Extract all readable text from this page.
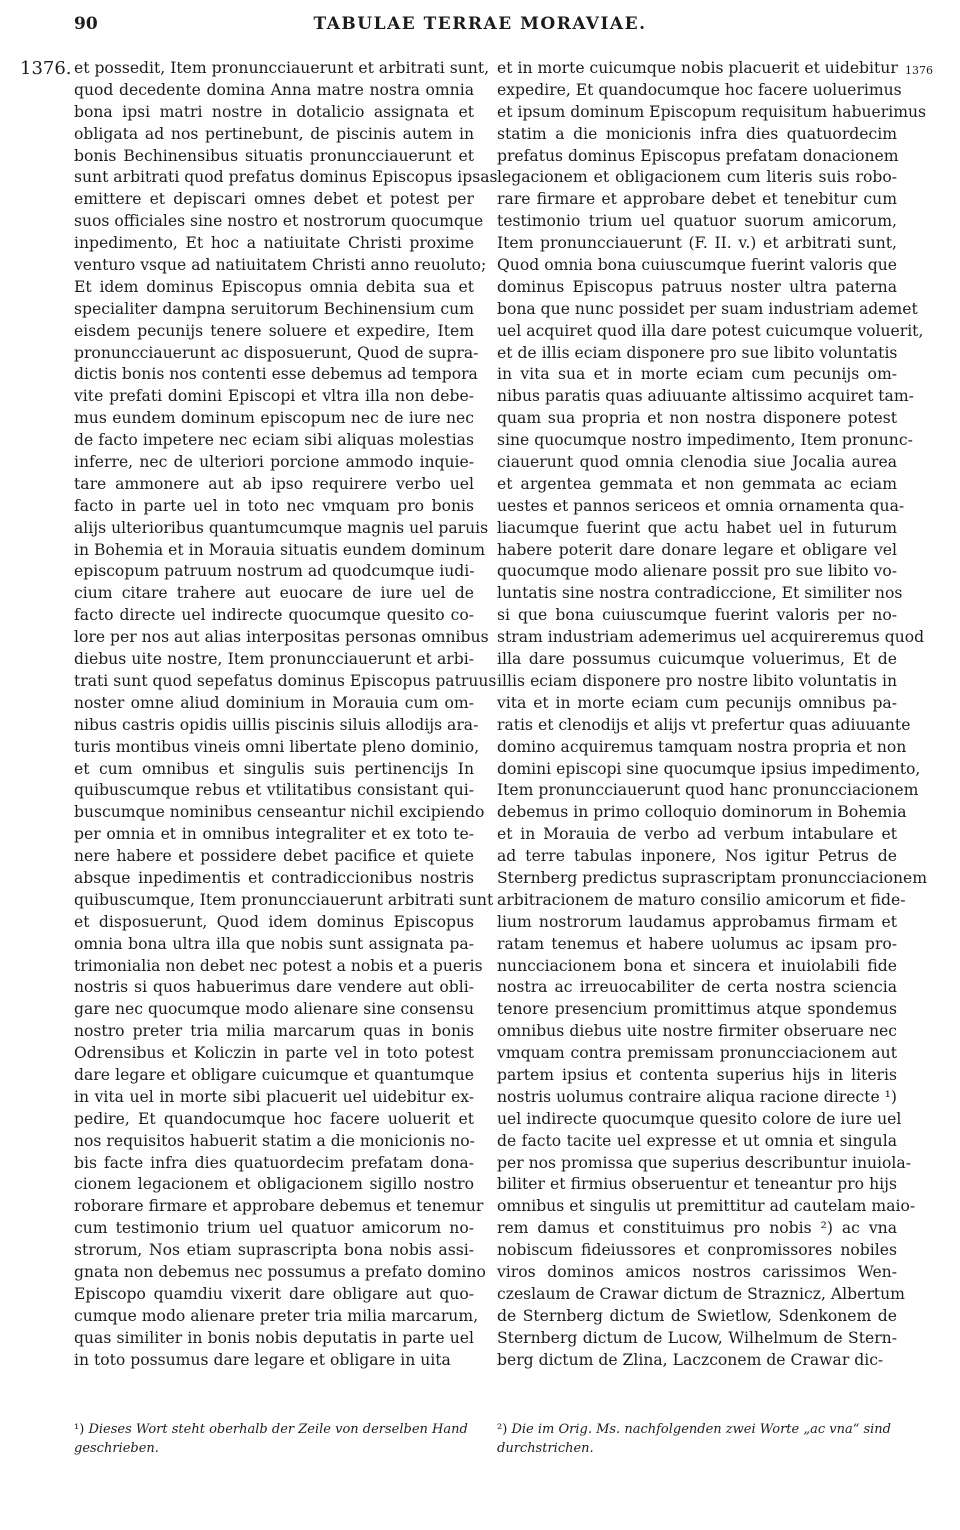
90	TABULAE TERRAE MORAVIAE.
1376.	1376
et possedit, Item pronuncciauerunt et arbitrati sunt,
quod decedente domina Anna matre nostra omnia
bona ipsi matri nostre in dotalicio assignata et
obligata ad nos pertinebunt, de piscinis autem in
bonis Bechinensibus situatis pronuncciauerunt et
sunt arbitrati quod prefatus dominus Episcopus ipsas
emittere et depiscari omnes debet et potest per
suos officiales sine nostro et nostrorum quocumque
inpedimento, Et hoc a natiuitate Christi proxime
venturo vsque ad natiuitatem Christi anno reuoluto;
Et idem dominus Episcopus omnia debita sua et
specialiter dampna seruitorum Bechinensium cum
eisdem pecunijs tenere soluere et expedire, Item
pronuncciauerunt ac disposuerunt, Quod de supra-
dictis bonis nos contenti esse debemus ad tempora
vite prefati domini Episcopi et vltra illa non debe-
mus eundem dominum episcopum nec de iure nec
de facto impetere nec eciam sibi aliquas molestias
inferre, nec de ulteriori porcione ammodo inquie-
tare ammonere aut ab ipso requirere verbo uel
facto in parte uel in toto nec vmquam pro bonis
alijs ulterioribus quantumcumque magnis uel paruis
in Bohemia et in Morauia situatis eundem dominum
episcopum patruum nostrum ad quodcumque iudi-
cium citare trahere aut euocare de iure uel de
facto directe uel indirecte quocumque quesito co-
lore per nos aut alias interpositas personas omnibus
diebus uite nostre, Item pronuncciauerunt et arbi-
trati sunt quod sepefatus dominus Episcopus patruus
noster omne aliud dominium in Morauia cum om-
nibus castris opidis uillis piscinis siluis allodijs ara-
turis montibus vineis omni libertate pleno dominio,
et cum omnibus et singulis suis pertinencijs In
quibuscumque rebus et vtilitatibus consistant qui-
buscumque nominibus censeantur nichil excipiendo
per omnia et in omnibus integraliter et ex toto te-
nere habere et possidere debet pacifice et quiete
absque inpedimentis et contradiccionibus nostris
quibuscumque, Item pronuncciauerunt arbitrati sunt
et disposuerunt, Quod idem dominus Episcopus
omnia bona ultra illa que nobis sunt assignata pa-
trimonialia non debet nec potest a nobis et a pueris
nostris si quos habuerimus dare vendere aut obli-
gare nec quocumque modo alienare sine consensu
nostro preter tria milia marcarum quas in bonis
Odrensibus et Koliczin in parte vel in toto potest
dare legare et obligare cuicumque et quantumque
in vita uel in morte sibi placuerit uel uidebitur ex-
pedire, Et quandocumque hoc facere uoluerit et
nos requisitos habuerit statim a die monicionis no-
bis facte infra dies quatuordecim prefatam dona-
cionem legacionem et obligacionem sigillo nostro
roborare firmare et approbare debemus et tenemur
cum testimonio trium uel quatuor amicorum no-
strorum, Nos etiam suprascripta bona nobis assi-
gnata non debemus nec possumus a prefato domino
Episcopo quamdiu vixerit dare obligare aut quo-
cumque modo alienare preter tria milia marcarum,
quas similiter in bonis nobis deputatis in parte uel
in toto possumus dare legare et obligare in uita
et in morte cuicumque nobis placuerit et uidebitur
expedire, Et quandocumque hoc facere uoluerimus
et ipsum dominum Episcopum requisitum habuerimus
statim a die monicionis infra dies quatuordecim
prefatus dominus Episcopus prefatam donacionem
legacionem et obligacionem cum literis suis robo-
rare firmare et approbare debet et tenebitur cum
testimonio trium uel quatuor suorum amicorum,
Item pronuncciauerunt (F. II. v.) et arbitrati sunt,
Quod omnia bona cuiuscumque fuerint valoris que
dominus Episcopus patruus noster ultra paterna
bona que nunc possidet per suam industriam ademet
uel acquiret quod illa dare potest cuicumque voluerit,
et de illis eciam disponere pro sue libito voluntatis
in vita sua et in morte eciam cum pecunijs om-
nibus paratis quas adiuuante altissimo acquiret tam-
quam sua propria et non nostra disponere potest
sine quocumque nostro impedimento, Item pronunc-
ciauerunt quod omnia clenodia siue Jocalia aurea
et argentea gemmata et non gemmata ac eciam
uestes et pannos sericeos et omnia ornamenta qua-
liacumque fuerint que actu habet uel in futurum
habere poterit dare donare legare et obligare vel
quocumque modo alienare possit pro sue libito vo-
luntatis sine nostra contradiccione, Et similiter nos
si que bona cuiuscumque fuerint valoris per no-
stram industriam ademerimus uel acquireremus quod
illa dare possumus cuicumque voluerimus, Et de
illis eciam disponere pro nostre libito voluntatis in
vita et in morte eciam cum pecunijs omnibus pa-
ratis et clenodijs et alijs vt prefertur quas adiuuante
domino acquiremus tamquam nostra propria et non
domini episcopi sine quocumque ipsius impedimento,
Item pronuncciauerunt quod hanc pronuncciacionem
debemus in primo colloquio dominorum in Bohemia
et in Morauia de verbo ad verbum intabulare et
ad terre tabulas inponere, Nos igitur Petrus de
Sternberg predictus suprascriptam pronuncciacionem
arbitracionem de maturo consilio amicorum et fide-
lium nostrorum laudamus approbamus firmam et
ratam tenemus et habere uolumus ac ipsam pro-
nuncciacionem bona et sincera et inuiolabili fide
nostra ac irreuocabiliter de certa nostra sciencia
tenore presencium promittimus atque spondemus
omnibus diebus uite nostre firmiter obseruare nec
vmquam contra premissam pronuncciacionem aut
partem ipsius et contenta superius hijs in literis
nostris uolumus contraire aliqua racione directe ¹)
uel indirecte quocumque quesito colore de iure uel
de facto tacite uel expresse et ut omnia et singula
per nos promissa que superius describuntur inuiola-
biliter et firmius obseruentur et teneantur pro hijs
omnibus et singulis ut premittitur ad cautelam maio-
rem damus et constituimus pro nobis ²) ac vna
nobiscum fideiussores et conpromissores nobiles
viros dominos amicos nostros carissimos Wen-
czeslaum de Crawar dictum de Straznicz, Albertum
de Sternberg dictum de Swietlow, Sdenkonem de
Sternberg dictum de Lucow, Wilhelmum de Stern-
berg dictum de Zlina, Laczconem de Crawar dic-
¹) Dieses Wort steht oberhalb der Zeile von derselben Hand geschrieben.
²) Die im Orig. Ms. nachfolgenden zwei Worte „ac vna“ sind durchstrichen.
